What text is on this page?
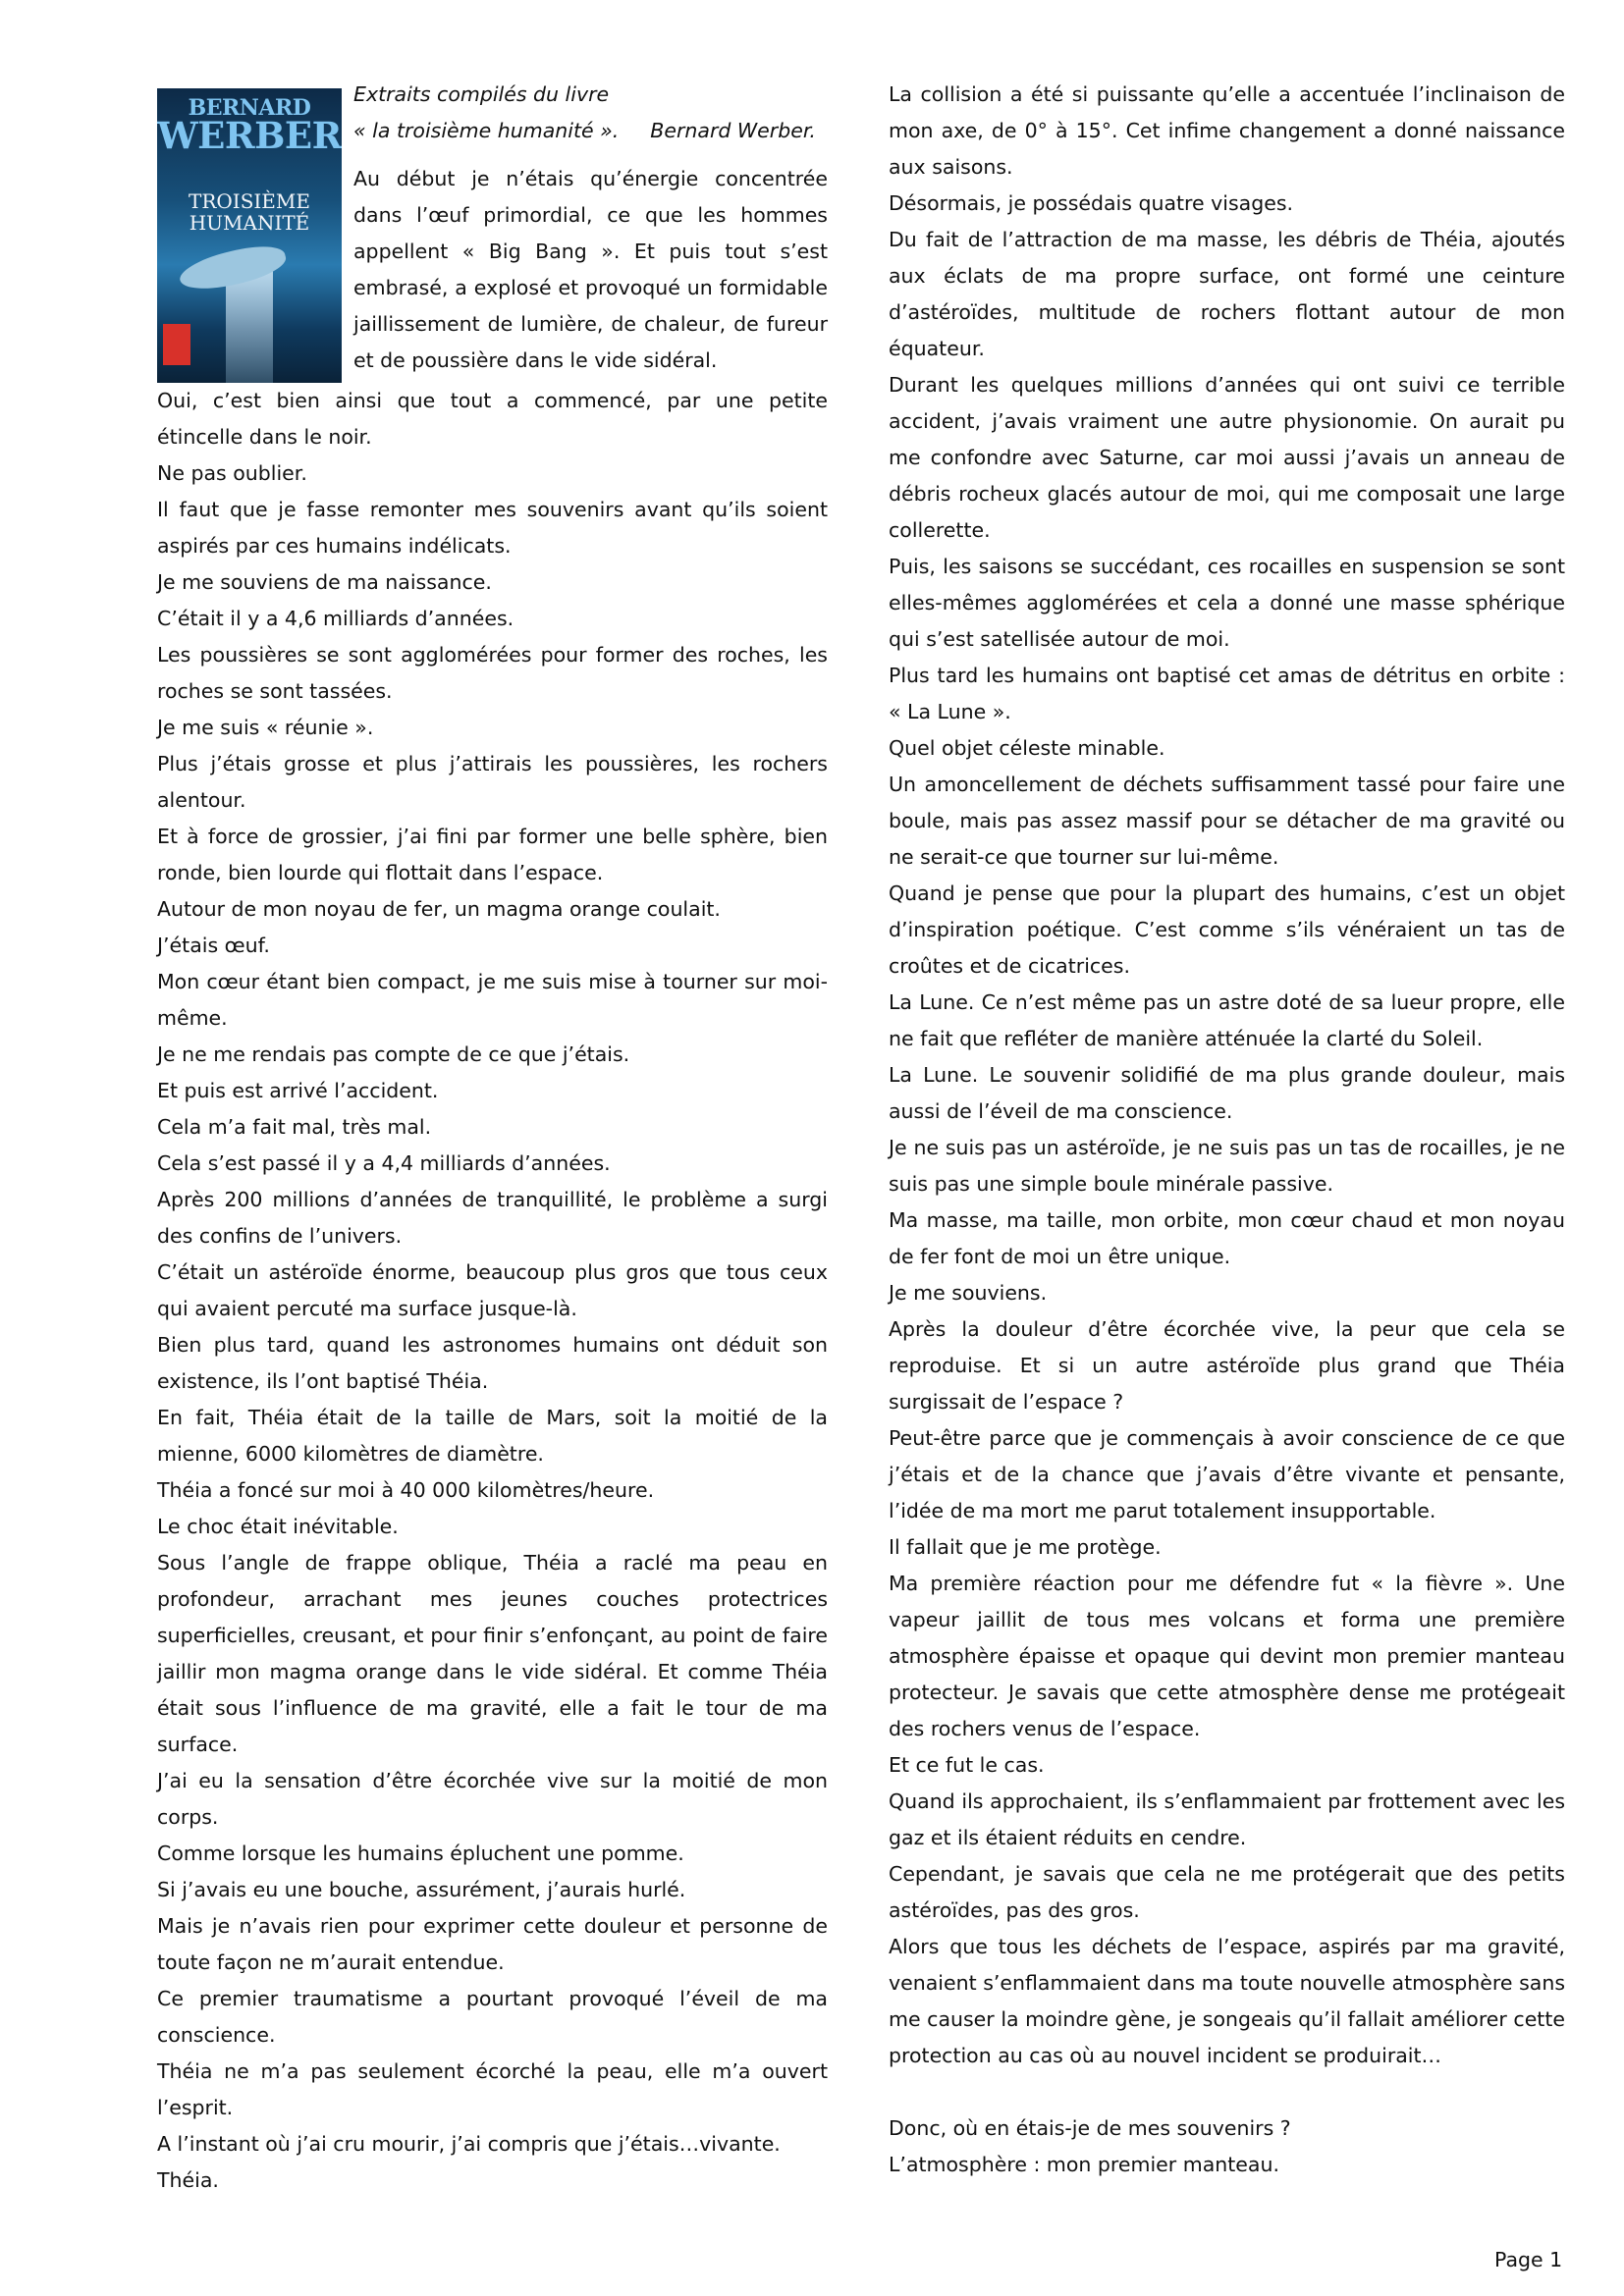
BERNARD
WERBER
TROISIÈME
HUMANITÉ

Extraits compilés du livre

« la troisième humanité ». Bernard Werber.

Au début je n’étais qu’énergie concentrée dans l’œuf primordial, ce que les hommes appellent « Big Bang ». Et puis tout s’est embrasé, a explosé et provoqué un formidable jaillissement de lumière, de chaleur, de fureur et de poussière dans le vide sidéral.

Oui, c’est bien ainsi que tout a commencé, par une petite étincelle dans le noir.

Ne pas oublier.

Il faut que je fasse remonter mes souvenirs avant qu’ils soient aspirés par ces humains indélicats.

Je me souviens de ma naissance.

C’était il y a 4,6 milliards d’années.

Les poussières se sont agglomérées pour former des roches, les roches se sont tassées.

Je me suis « réunie ».

Plus j’étais grosse et plus j’attirais les poussières, les rochers alentour.

Et à force de grossier, j’ai fini par former une belle sphère, bien ronde, bien lourde qui flottait dans l’espace.

Autour de mon noyau de fer, un magma orange coulait.

J’étais œuf.

Mon cœur étant bien compact, je me suis mise à tourner sur moi-même.

Je ne me rendais pas compte de ce que j’étais.

Et puis est arrivé l’accident.

Cela m’a fait mal, très mal.

Cela s’est passé il y a 4,4 milliards d’années.

Après 200 millions d’années de tranquillité, le problème a surgi des confins de l’univers.

C’était un astéroïde énorme, beaucoup plus gros que tous ceux qui avaient percuté ma surface jusque-là.

Bien plus tard, quand les astronomes humains ont déduit son existence, ils l’ont baptisé Théia.

En fait, Théia était de la taille de Mars, soit la moitié de la mienne, 6000 kilomètres de diamètre.

Théia a foncé sur moi à 40 000 kilomètres/heure.

Le choc était inévitable.

Sous l’angle de frappe oblique, Théia a raclé ma peau en profondeur, arrachant mes jeunes couches protectrices superficielles, creusant, et pour finir s’enfonçant, au point de faire jaillir mon magma orange dans le vide sidéral. Et comme Théia était sous l’influence de ma gravité, elle a fait le tour de ma surface.

J’ai eu la sensation d’être écorchée vive sur la moitié de mon corps.

Comme lorsque les humains épluchent une pomme.

Si j’avais eu une bouche, assurément, j’aurais hurlé.

Mais je n’avais rien pour exprimer cette douleur et personne de toute façon ne m’aurait entendue.

Ce premier traumatisme a pourtant provoqué l’éveil de ma conscience.

Théia ne m’a pas seulement écorché la peau, elle m’a ouvert l’esprit.

A l’instant où j’ai cru mourir, j’ai compris que j’étais…vivante.

Théia.

La collision a été si puissante qu’elle a accentuée l’inclinaison de mon axe, de 0° à 15°. Cet infime changement a donné naissance aux saisons.

Désormais, je possédais quatre visages.

Du fait de l’attraction de ma masse, les débris de Théia, ajoutés aux éclats de ma propre surface, ont formé une ceinture d’astéroïdes, multitude de rochers flottant autour de mon équateur.

Durant les quelques millions d’années qui ont suivi ce terrible accident, j’avais vraiment une autre physionomie. On aurait pu me confondre avec Saturne, car moi aussi j’avais un anneau de débris rocheux glacés autour de moi, qui me composait une large collerette.

Puis, les saisons se succédant, ces rocailles en suspension se sont elles-mêmes agglomérées et cela a donné une masse sphérique qui s’est satellisée autour de moi.

Plus tard les humains ont baptisé cet amas de détritus en orbite : « La Lune ».

Quel objet céleste minable.

Un amoncellement de déchets suffisamment tassé pour faire une boule, mais pas assez massif pour se détacher de ma gravité ou ne serait-ce que tourner sur lui-même.

Quand je pense que pour la plupart des humains, c’est un objet d’inspiration poétique. C’est comme s’ils vénéraient un tas de croûtes et de cicatrices.

La Lune. Ce n’est même pas un astre doté de sa lueur propre, elle ne fait que refléter de manière atténuée la clarté du Soleil.

La Lune. Le souvenir solidifié de ma plus grande douleur, mais aussi de l’éveil de ma conscience.

Je ne suis pas un astéroïde, je ne suis pas un tas de rocailles, je ne suis pas une simple boule minérale passive.

Ma masse, ma taille, mon orbite, mon cœur chaud et mon noyau de fer font de moi un être unique.

Je me souviens.

Après la douleur d’être écorchée vive, la peur que cela se reproduise. Et si un autre astéroïde plus grand que Théia surgissait de l’espace ?

Peut-être parce que je commençais à avoir conscience de ce que j’étais et de la chance que j’avais d’être vivante et pensante, l’idée de ma mort me parut totalement insupportable.

Il fallait que je me protège.

Ma première réaction pour me défendre fut « la fièvre ». Une vapeur jaillit de tous mes volcans et forma une première atmosphère épaisse et opaque qui devint mon premier manteau protecteur. Je savais que cette atmosphère dense me protégeait des rochers venus de l’espace.

Et ce fut le cas.

Quand ils approchaient, ils s’enflammaient par frottement avec les gaz et ils étaient réduits en cendre.

Cependant, je savais que cela ne me protégerait que des petits astéroïdes, pas des gros.

Alors que tous les déchets de l’espace, aspirés par ma gravité, venaient s’enflammaient dans ma toute nouvelle atmosphère sans me causer la moindre gène, je songeais qu’il fallait améliorer cette protection au cas où au nouvel incident se produirait…

Donc, où en étais-je de mes souvenirs ?

L’atmosphère : mon premier manteau.

Page 1
